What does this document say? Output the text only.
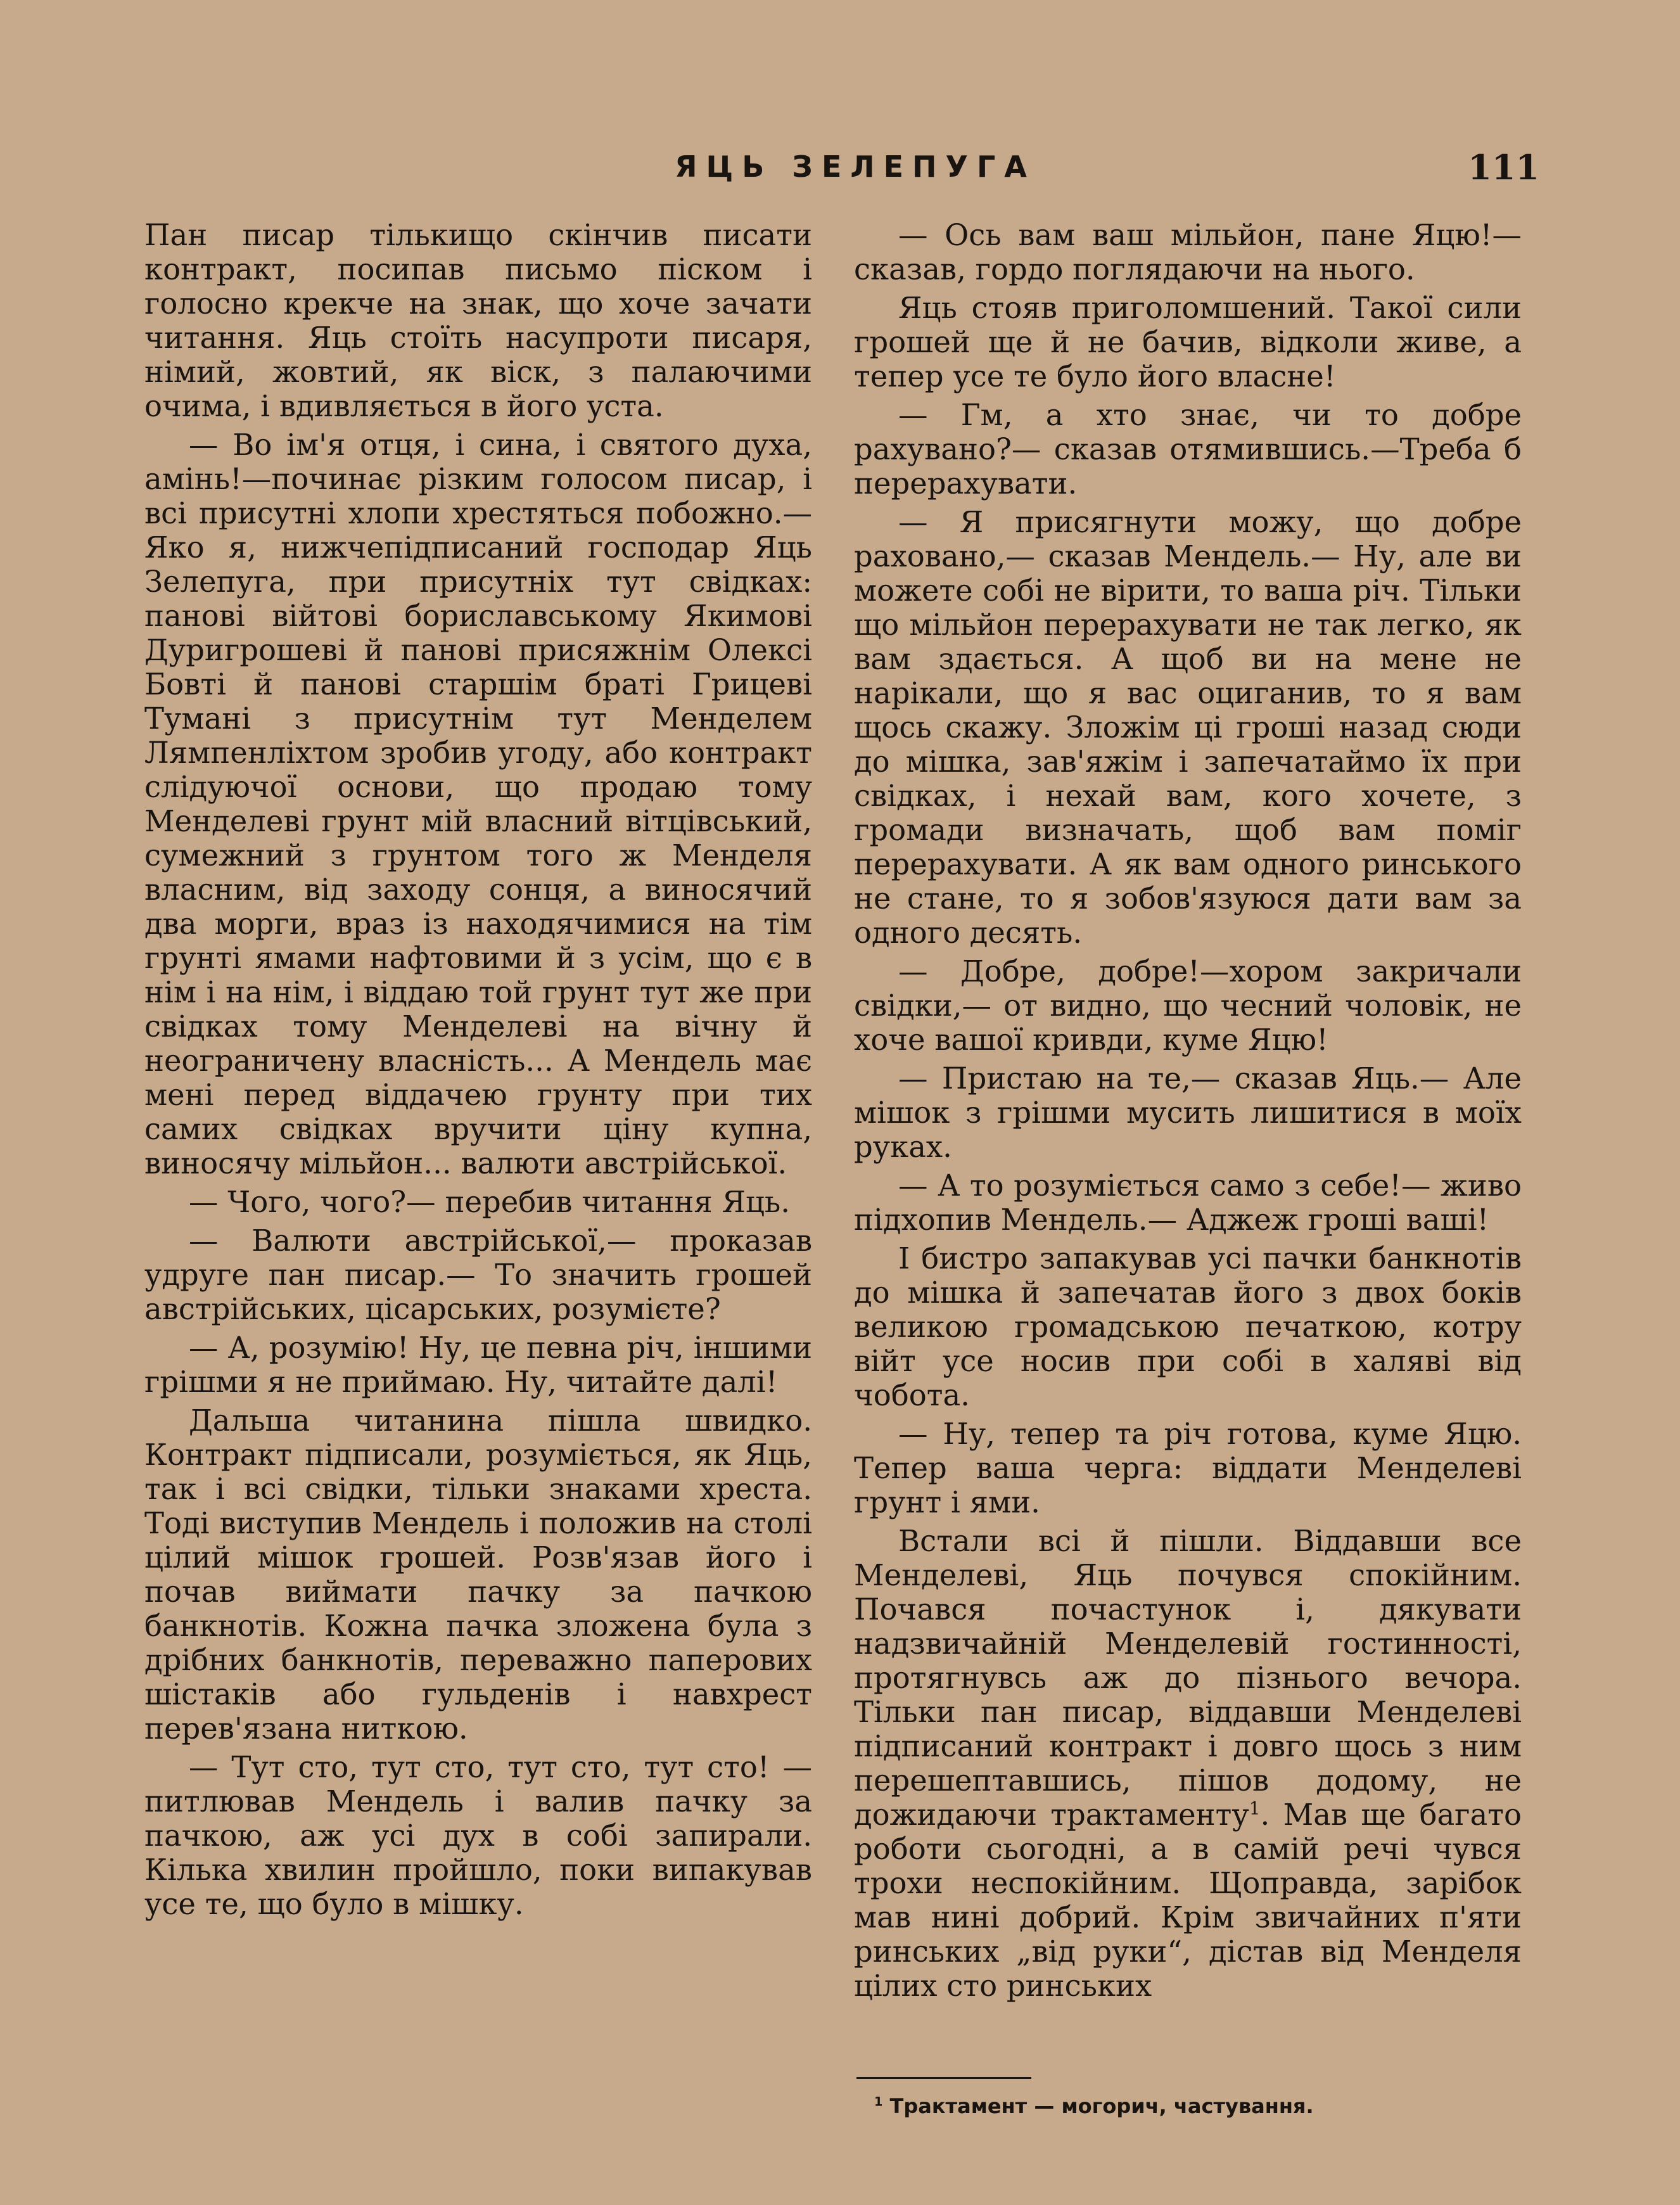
ЯЦЬ ЗЕЛЕПУГА	111

Пан писар тількищо скінчив писати контракт, посипав письмо піском і голосно крекче на знак, що хоче зачати читання. Яць стоїть насупроти писаря, німий, жовтий, як віск, з палаючими очима, і вдивляється в його уста.

— Во ім'я отця, і сина, і святого духа, амінь!—починає різким голосом писар, і всі присутні хлопи хрестяться побожно.— Яко я, нижчепідписаний господар Яць Зелепуга, при присутніх тут свідках: панові війтові бориславському Якимові Дуригрошеві й панові присяжнім Олексі Бовті й панові старшім браті Грицеві Тумані з присутнім тут Менделем Лямпенліхтом зробив угоду, або контракт слідуючої основи, що продаю тому Менделеві грунт мій власний вітцівський, сумежний з грунтом того ж Менделя власним, від заходу сонця, а виносячий два морги, враз із находячимися на тім грунті ямами нафтовими й з усім, що є в нім і на нім, і віддаю той грунт тут же при свідках тому Менделеві на вічну й неограничену власність... А Мендель має мені перед віддачею грунту при тих самих свідках вручити ціну купна, виносячу мільйон... валюти австрійської.

— Чого, чого?— перебив читання Яць.

— Валюти австрійської,— проказав удруге пан писар.— То значить грошей австрійських, цісарських, розумієте?

— А, розумію! Ну, це певна річ, іншими грішми я не приймаю. Ну, читайте далі!

Дальша читанина пішла швидко. Контракт підписали, розуміється, як Яць, так і всі свідки, тільки знаками хреста. Тоді виступив Мендель і положив на столі цілий мішок грошей. Розв'язав його і почав виймати пачку за пачкою банкнотів. Кожна пачка зложена була з дрібних банкнотів, переважно паперових шістаків або гульденів і навхрест перев'язана ниткою.

— Тут сто, тут сто, тут сто, тут сто! — питлював Мендель і валив пачку за пачкою, аж усі дух в собі запирали. Кілька хвилин пройшло, поки випакував усе те, що було в мішку.

— Ось вам ваш мільйон, пане Яцю!— сказав, гордо поглядаючи на нього.

Яць стояв приголомшений. Такої сили грошей ще й не бачив, відколи живе, а тепер усе те було його власне!

— Гм, а хто знає, чи то добре рахувано?— сказав отямившись.—Треба б перерахувати.

— Я присягнути можу, що добре раховано,— сказав Мендель.— Ну, але ви можете собі не вірити, то ваша річ. Тільки що мільйон перерахувати не так легко, як вам здається. А щоб ви на мене не нарікали, що я вас оциганив, то я вам щось скажу. Зложім ці гроші назад сюди до мішка, зав'яжім і запечатаймо їх при свідках, і нехай вам, кого хочете, з громади визначать, щоб вам поміг перерахувати. А як вам одного ринського не стане, то я зобов'язуюся дати вам за одного десять.

— Добре, добре!—хором закричали свідки,— от видно, що чесний чоловік, не хоче вашої кривди, куме Яцю!

— Пристаю на те,— сказав Яць.— Але мішок з грішми мусить лишитися в моїх руках.

— А то розуміється само з себе!— живо підхопив Мендель.— Аджеж гроші ваші!

І бистро запакував усі пачки банкнотів до мішка й запечатав його з двох боків великою громадською печаткою, котру війт усе носив при собі в халяві від чобота.

— Ну, тепер та річ готова, куме Яцю. Тепер ваша черга: віддати Менделеві грунт і ями.

Встали всі й пішли. Віддавши все Менделеві, Яць почувся спокійним. Почався почастунок і, дякувати надзвичайній Менделевій гостинності, протягнувсь аж до пізнього вечора. Тільки пан писар, віддавши Менделеві підписаний контракт і довго щось з ним перешептавшись, пішов додому, не дожидаючи трактаменту$^1$. Мав ще багато роботи сьогодні, а в самій речі чувся трохи неспокійним. Щоправда, зарібок мав нині добрий. Крім звичайних п'яти ринських „від руки“, дістав від Менделя цілих сто ринських

$^1$ Трактамент — могорич, частування.
